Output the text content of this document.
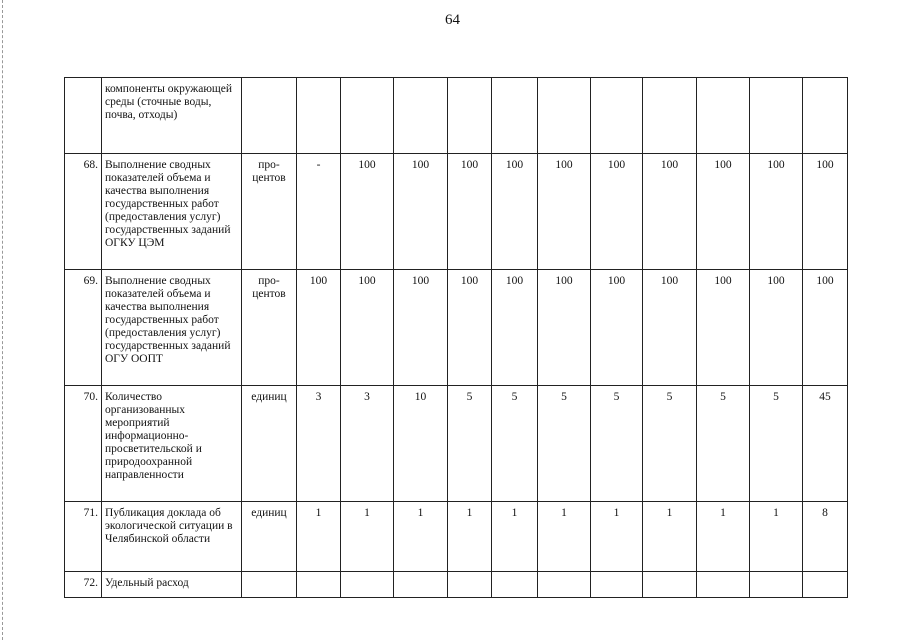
64
	компоненты окружающей среды (сточные воды, почва, отходы)												
68.	Выполнение сводных показателей объема и качества выполнения государственных работ (предоставления услуг) государственных заданий ОГКУ ЦЭМ	про-центов	-	100	100	100	100	100	100	100	100	100	100
69.	Выполнение сводных показателей объема и качества выполнения государственных работ (предоставления услуг) государственных заданий ОГУ ООПТ	про-центов	100	100	100	100	100	100	100	100	100	100	100
70.	Количество организованных мероприятий информационно-просветительской и природоохранной направленности	единиц	3	3	10	5	5	5	5	5	5	5	45
71.	Публикация доклада об экологической ситуации в Челябинской области	единиц	1	1	1	1	1	1	1	1	1	1	8
72.	Удельный расход												
